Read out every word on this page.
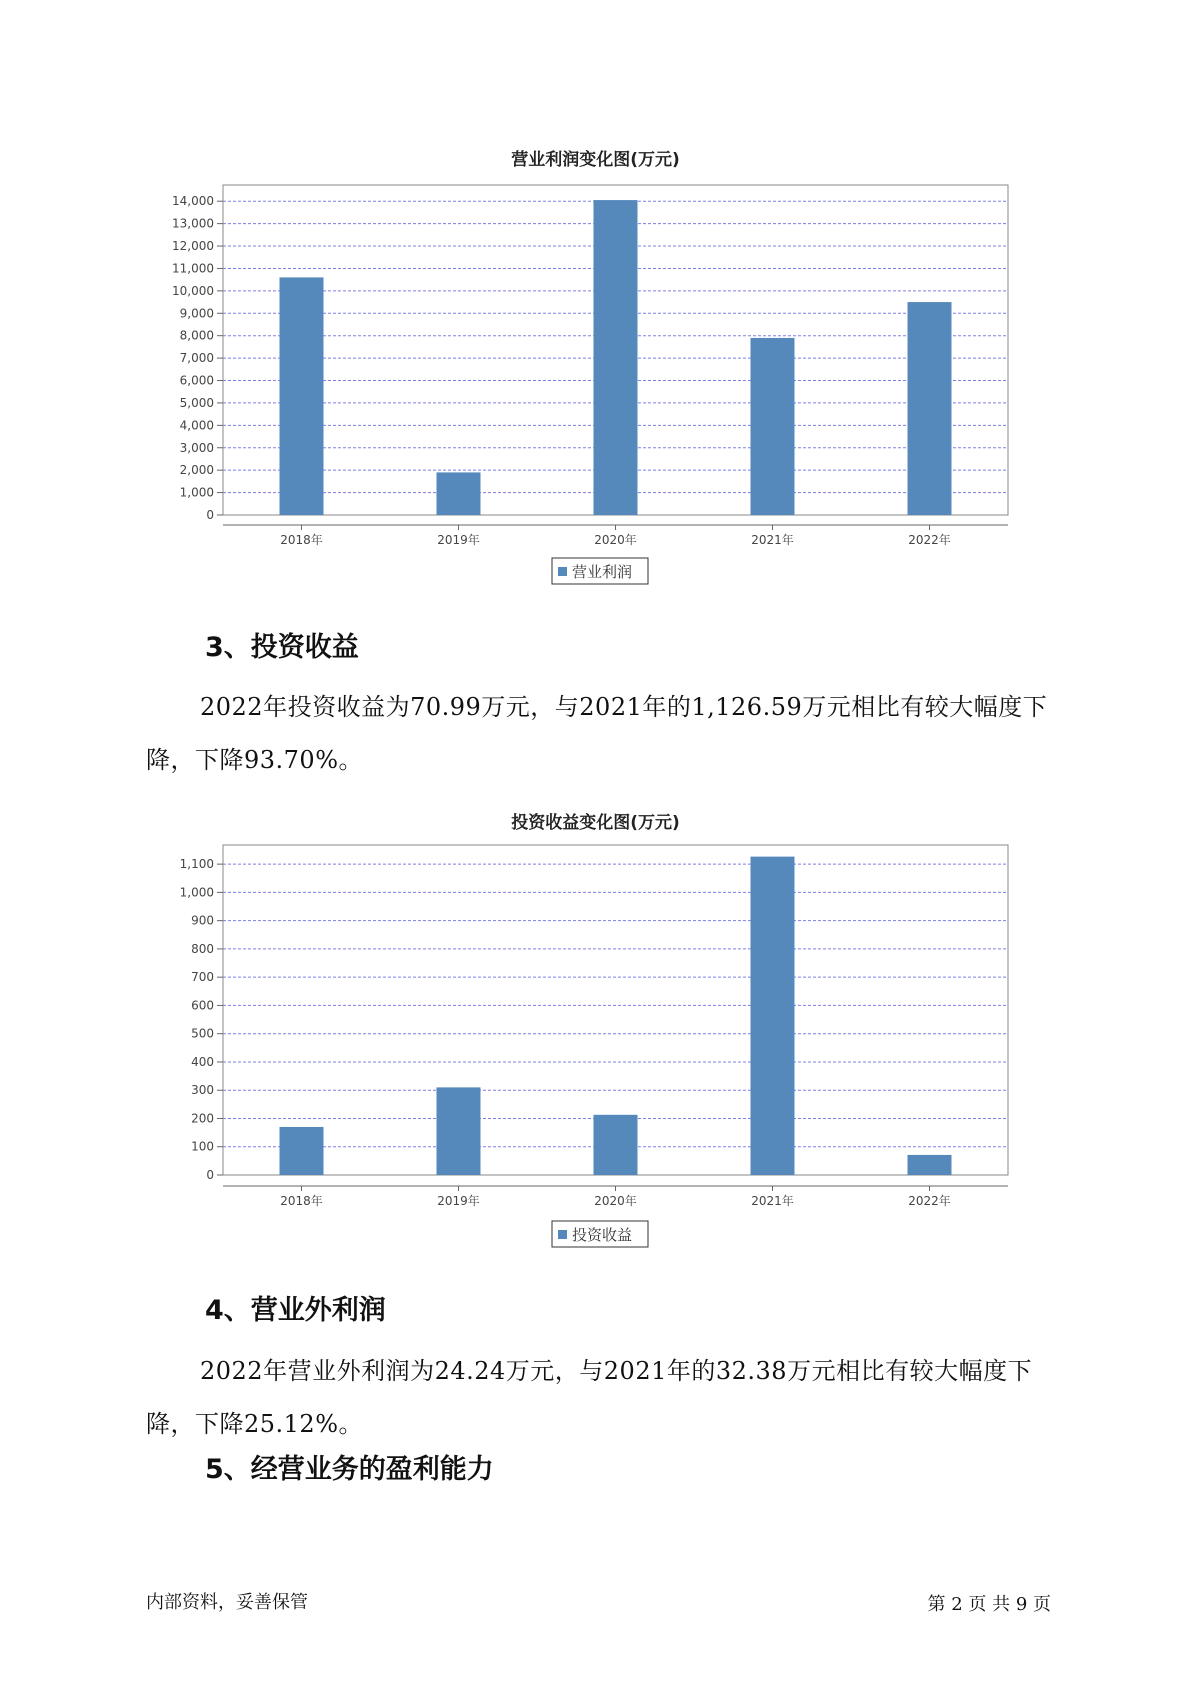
营业利润变化图(万元)
0
1,000
2,000
3,000
4,000
5,000
6,000
7,000
8,000
9,000
10,000
11,000
12,000
13,000
14,000
2018年	2019年	2020年	2021年	2022年
营业利润
3、投资收益
2022年投资收益为70.99万元，与2021年的1,126.59万元相比有较大幅度下降，下降93.70%。
投资收益变化图(万元)
0
100
200
300
400
500
600
700
800
900
1,000
1,100
2018年	2019年	2020年	2021年	2022年
投资收益
4、营业外利润
2022年营业外利润为24.24万元，与2021年的32.38万元相比有较大幅度下降，下降25.12%。
5、经营业务的盈利能力
内部资料，妥善保管	第 2 页 共 9 页
